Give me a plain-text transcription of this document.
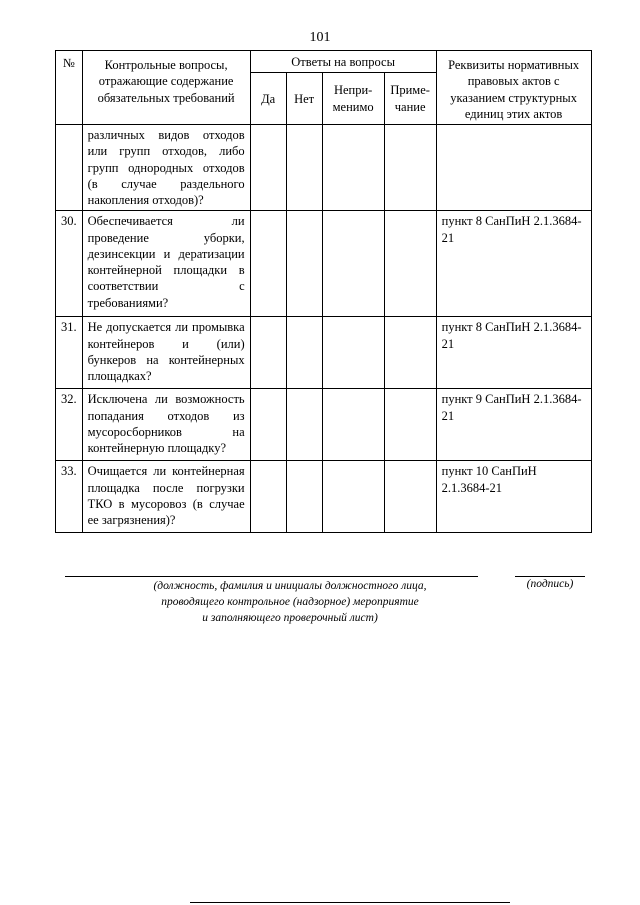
101
№	Контрольные вопросы, отражающие содержание обязательных требований	Ответы на вопросы				Реквизиты нормативных правовых актов с указанием структурных единиц этих актов
		Да	Нет	Непри-менимо	Приме-чание	
	различных видов отходов или групп отходов, либо групп однородных отходов (в случае раздельного накопления отходов)?					
30.	Обеспечивается ли проведение уборки, дезинсекции и дератизации контейнерной площадки в соответствии с требованиями?					пункт 8 СанПиН 2.1.3684-21
31.	Не допускается ли промывка контейнеров и (или) бункеров на контейнерных площадках?					пункт 8 СанПиН 2.1.3684-21
32.	Исключена ли возможность попадания отходов из мусоросборников на контейнерную площадку?					пункт 9 СанПиН 2.1.3684-21
33.	Очищается ли контейнерная площадка после погрузки ТКО в мусоровоз (в случае ее загрязнения)?					пункт 10 СанПиН 2.1.3684-21
(должность, фамилия и инициалы должностного лица,
проводящего контрольное (надзорное) мероприятие
и заполняющего проверочный лист)
(подпись)
